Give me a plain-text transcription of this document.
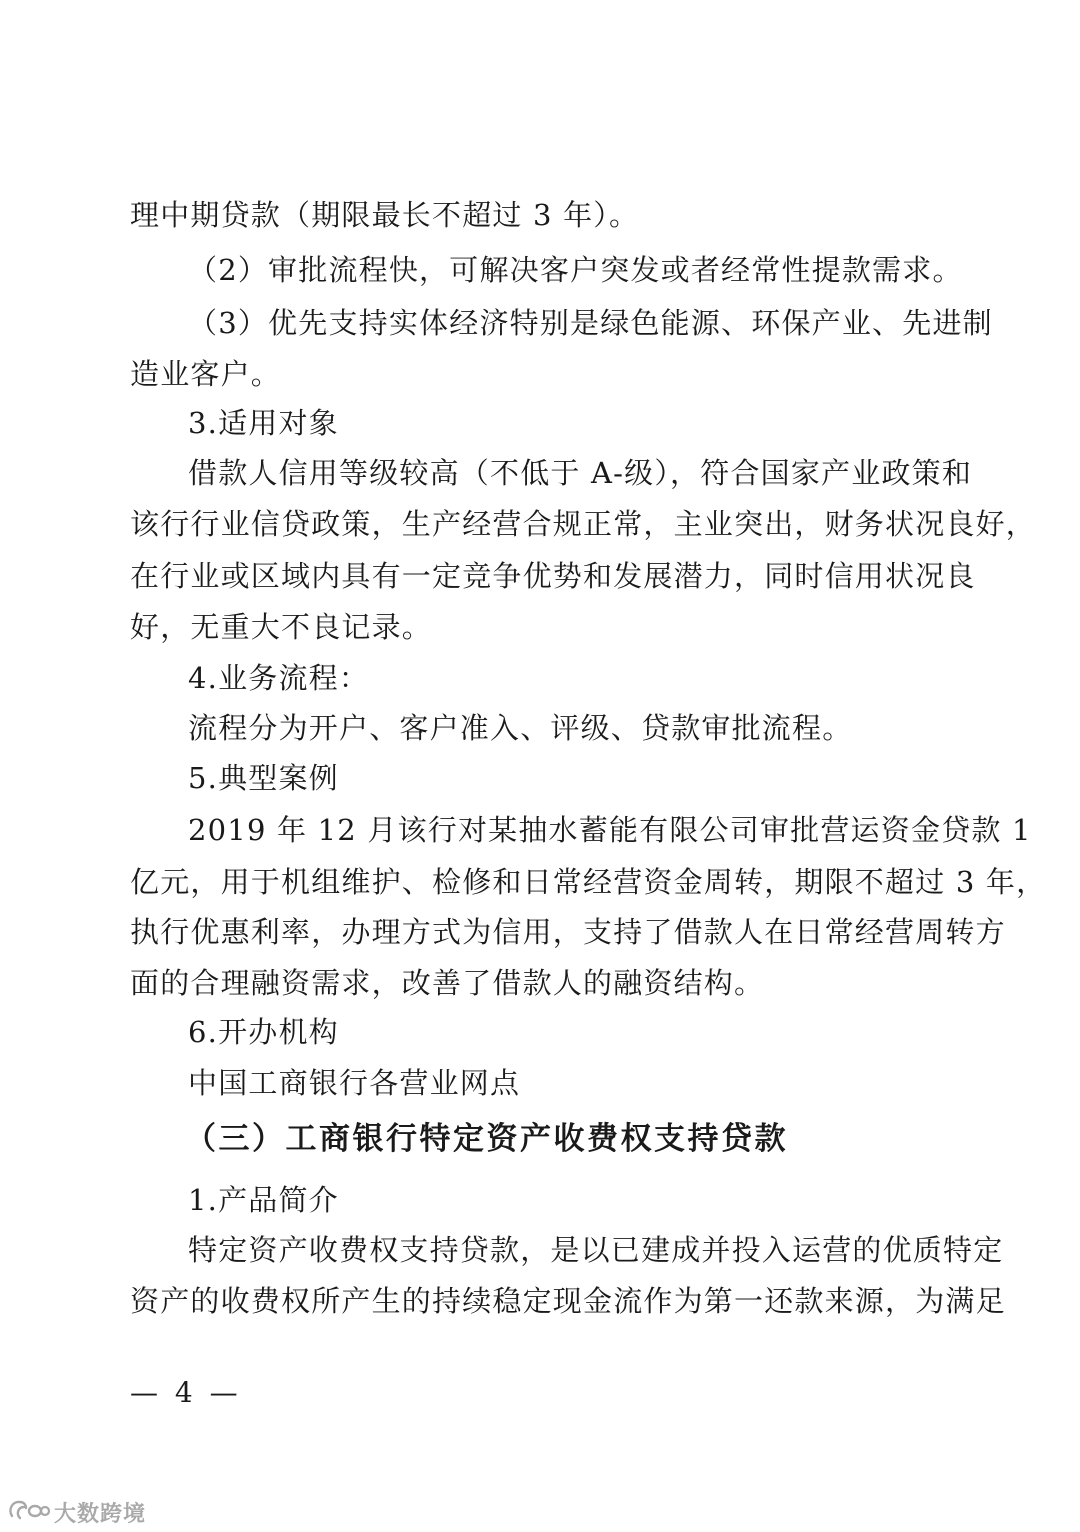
理中期贷款（期限最长不超过 3 年）。
（2）审批流程快，可解决客户突发或者经常性提款需求。
（3）优先支持实体经济特别是绿色能源、环保产业、先进制
造业客户。
3.适用对象
借款人信用等级较高（不低于 A-级），符合国家产业政策和
该行行业信贷政策，生产经营合规正常，主业突出，财务状况良好，
在行业或区域内具有一定竞争优势和发展潜力，同时信用状况良
好，无重大不良记录。
4.业务流程：
流程分为开户、客户准入、评级、贷款审批流程。
5.典型案例
2019 年 12 月该行对某抽水蓄能有限公司审批营运资金贷款 1
亿元，用于机组维护、检修和日常经营资金周转，期限不超过 3 年，
执行优惠利率，办理方式为信用，支持了借款人在日常经营周转方
面的合理融资需求，改善了借款人的融资结构。
6.开办机构
中国工商银行各营业网点
（三）工商银行特定资产收费权支持贷款
1.产品简介
特定资产收费权支持贷款，是以已建成并投入运营的优质特定
资产的收费权所产生的持续稳定现金流作为第一还款来源，为满足
— 4 —
大数跨境
